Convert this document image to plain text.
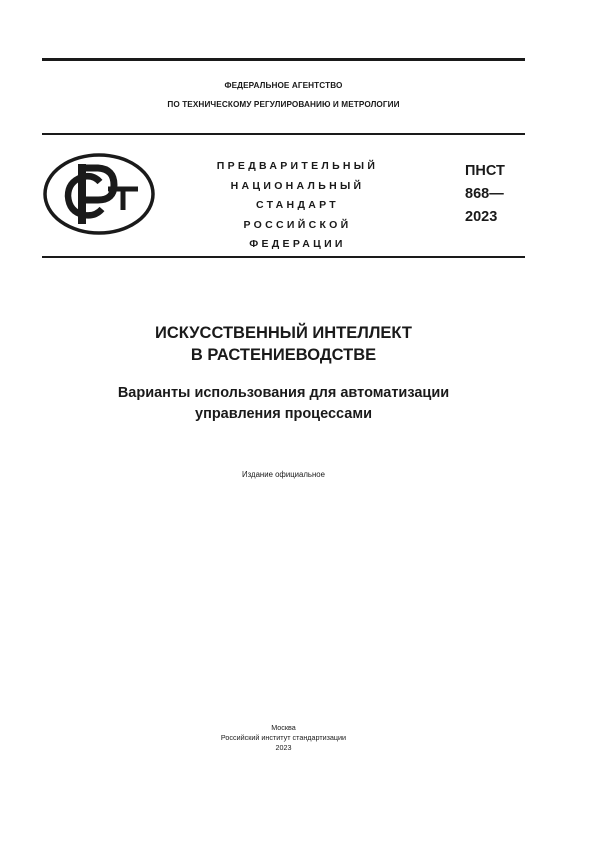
ФЕДЕРАЛЬНОЕ АГЕНТСТВО
ПО ТЕХНИЧЕСКОМУ РЕГУЛИРОВАНИЮ И МЕТРОЛОГИИ
ПРЕДВАРИТЕЛЬНЫЙ
НАЦИОНАЛЬНЫЙ
СТАНДАРТ
РОССИЙСКОЙ
ФЕДЕРАЦИИ
ПНСТ
868—
2023
ИСКУССТВЕННЫЙ ИНТЕЛЛЕКТ
В РАСТЕНИЕВОДСТВЕ
Варианты использования для автоматизации
управления процессами
Издание официальное
Москва
Российский институт стандартизации
2023
